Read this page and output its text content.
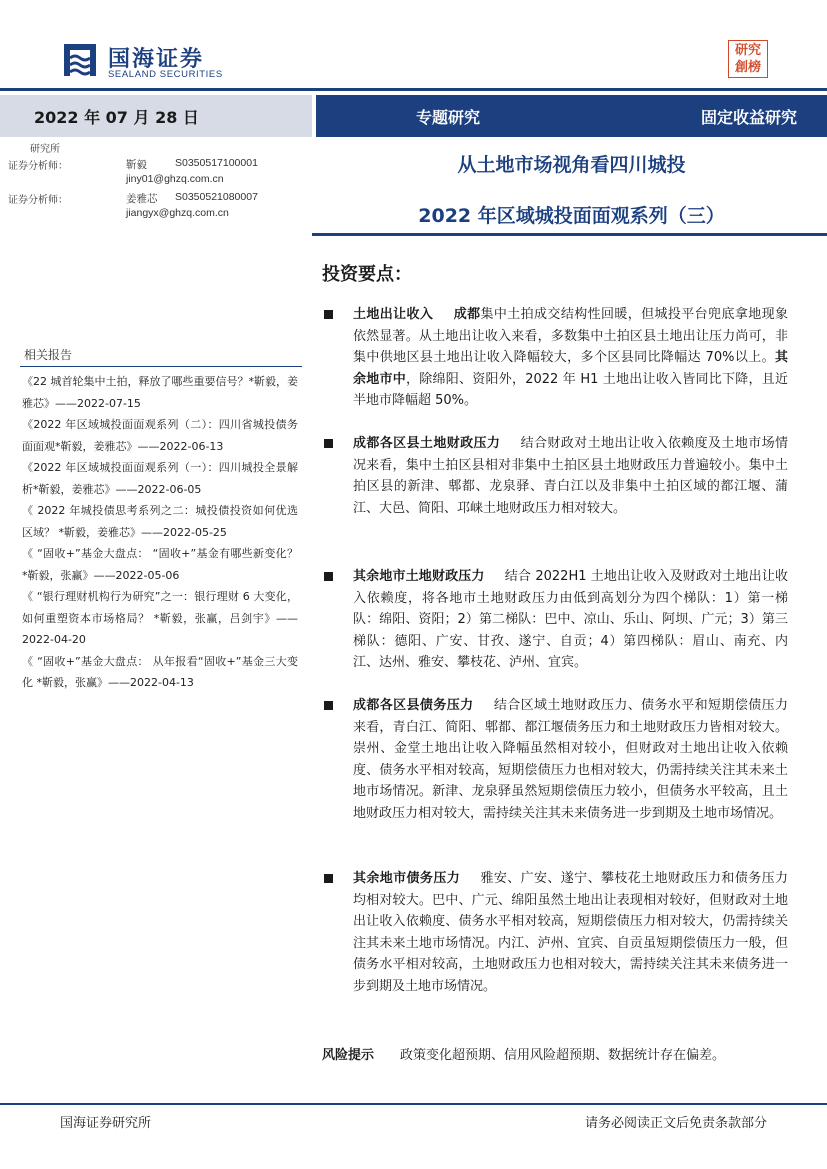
国海证券
SEALAND SECURITIES
研究
創榜
2022 年 07 月 28 日	专题研究	固定收益研究
研究所
证券分析师：	靳毅	S0350517100001
jiny01@ghzq.com.cn
证券分析师：	姜雅芯 S0350521080007
jiangyx@ghzq.com.cn
从土地市场视角看四川城投
2022 年区域城投面面观系列（三）
相关报告
《22 城首轮集中土拍，释放了哪些重要信号？*靳毅，姜雅芯》——2022-07-15
《2022 年区域城投面面观系列（二）：四川省城投债务面面观*靳毅，姜雅芯》——2022-06-13
《2022 年区域城投面面观系列（一）：四川城投全景解析*靳毅，姜雅芯》——2022-06-05
《 2022 年城投债思考系列之二：城投债投资如何优选区域？ *靳毅，姜雅芯》——2022-05-25
《 “固收+”基金大盘点： “固收+”基金有哪些新变化？ *靳毅，张赢》——2022-05-06
《 “银行理财机构行为研究”之一：银行理财 6 大变化，如何重塑资本市场格局？ *靳毅，张赢，吕剑宇》——2022-04-20
《 “固收+”基金大盘点： 从年报看“固收+”基金三大变化 *靳毅，张赢》——2022-04-13
投资要点：
土地出让收入 成都集中土拍成交结构性回暖，但城投平台兜底拿地现象依然显著。从土地出让收入来看，多数集中土拍区县土地出让压力尚可，非集中供地区县土地出让收入降幅较大，多个区县同比降幅达 70%以上。其余地市中，除绵阳、资阳外，2022 年 H1 土地出让收入皆同比下降，且近半地市降幅超 50%。
成都各区县土地财政压力 结合财政对土地出让收入依赖度及土地市场情况来看，集中土拍区县相对非集中土拍区县土地财政压力普遍较小。集中土拍区县的新津、郫都、龙泉驿、青白江以及非集中土拍区域的都江堰、蒲江、大邑、简阳、邛崃土地财政压力相对较大。
其余地市土地财政压力 结合 2022H1 土地出让收入及财政对土地出让收入依赖度，将各地市土地财政压力由低到高划分为四个梯队：1）第一梯队：绵阳、资阳；2）第二梯队：巴中、凉山、乐山、阿坝、广元；3）第三梯队：德阳、广安、甘孜、遂宁、自贡；4）第四梯队：眉山、南充、内江、达州、雅安、攀枝花、泸州、宜宾。
成都各区县债务压力 结合区域土地财政压力、债务水平和短期偿债压力来看，青白江、简阳、郫都、都江堰债务压力和土地财政压力皆相对较大。崇州、金堂土地出让收入降幅虽然相对较小，但财政对土地出让收入依赖度、债务水平相对较高，短期偿债压力也相对较大，仍需持续关注其未来土地市场情况。新津、龙泉驿虽然短期偿债压力较小，但债务水平较高，且土地财政压力相对较大，需持续关注其未来债务进一步到期及土地市场情况。
其余地市债务压力 雅安、广安、遂宁、攀枝花土地财政压力和债务压力均相对较大。巴中、广元、绵阳虽然土地出让表现相对较好，但财政对土地出让收入依赖度、债务水平相对较高，短期偿债压力相对较大，仍需持续关注其未来土地市场情况。内江、泸州、宜宾、自贡虽短期偿债压力一般，但债务水平相对较高，土地财政压力也相对较大，需持续关注其未来债务进一步到期及土地市场情况。
风险提示 政策变化超预期、信用风险超预期、数据统计存在偏差。
国海证券研究所	请务必阅读正文后免责条款部分
